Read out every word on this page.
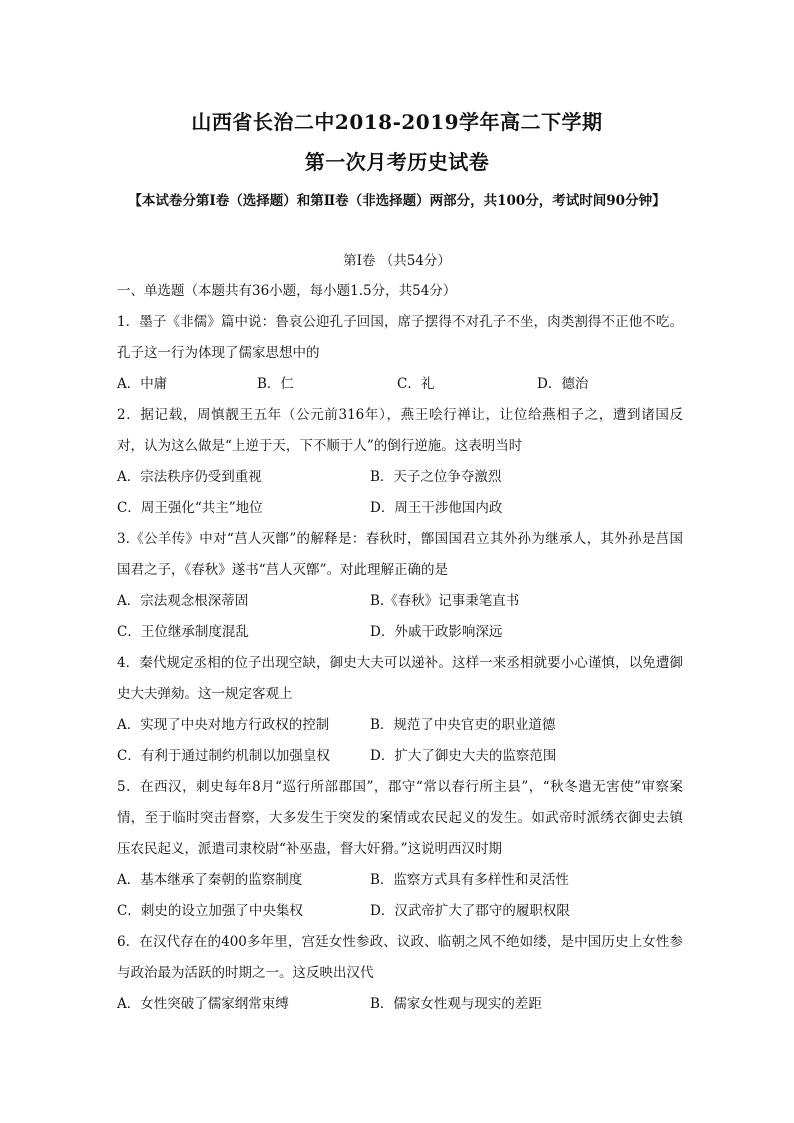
山西省长治二中2018-2019学年高二下学期
第一次月考历史试卷
【本试卷分第Ⅰ卷（选择题）和第Ⅱ卷（非选择题）两部分，共100分，考试时间90分钟】
第Ⅰ卷 （共54分）

一、单选题（本题共有36小题，每小题1.5分，共54分）

1．墨子《非儒》篇中说：鲁哀公迎孔子回国，席子摆得不对孔子不坐，肉类割得不正他不吃。孔子这一行为体现了儒家思想中的

A．中庸	B．仁	C．礼	D．德治

2．据记载，周慎靓王五年（公元前316年），燕王哙行禅让，让位给燕相子之，遭到诸国反对，认为这么做是“上逆于天，下不顺于人”的倒行逆施。这表明当时

A．宗法秩序仍受到重视	B．天子之位争夺激烈
C．周王强化“共主”地位	D．周王干涉他国内政

3.《公羊传》中对“莒人灭鄫”的解释是：春秋时，鄫国国君立其外孙为继承人，其外孙是莒国国君之子，《春秋》遂书“莒人灭鄫”。对此理解正确的是

A．宗法观念根深蒂固	B.《春秋》记事秉笔直书
C．王位继承制度混乱	D．外戚干政影响深远

4．秦代规定丞相的位子出现空缺，御史大夫可以递补。这样一来丞相就要小心谨慎，以免遭御史大夫弹劾。这一规定客观上

A．实现了中央对地方行政权的控制	B．规范了中央官吏的职业道德
C．有利于通过制约机制以加强皇权	D．扩大了御史大夫的监察范围

5．在西汉，刺史每年8月“巡行所部郡国”，郡守“常以春行所主县”，“秋冬遣无害使”审察案情，至于临时突击督察，大多发生于突发的案情或农民起义的发生。如武帝时派绣衣御史去镇压农民起义，派遣司隶校尉“补巫蛊，督大奸猾。”这说明西汉时期

A．基本继承了秦朝的监察制度	B．监察方式具有多样性和灵活性
C．刺史的设立加强了中央集权	D．汉武帝扩大了郡守的履职权限

6．在汉代存在的400多年里，宫廷女性参政、议政、临朝之风不绝如缕，是中国历史上女性参与政治最为活跃的时期之一。这反映出汉代

A．女性突破了儒家纲常束缚	B．儒家女性观与现实的差距
